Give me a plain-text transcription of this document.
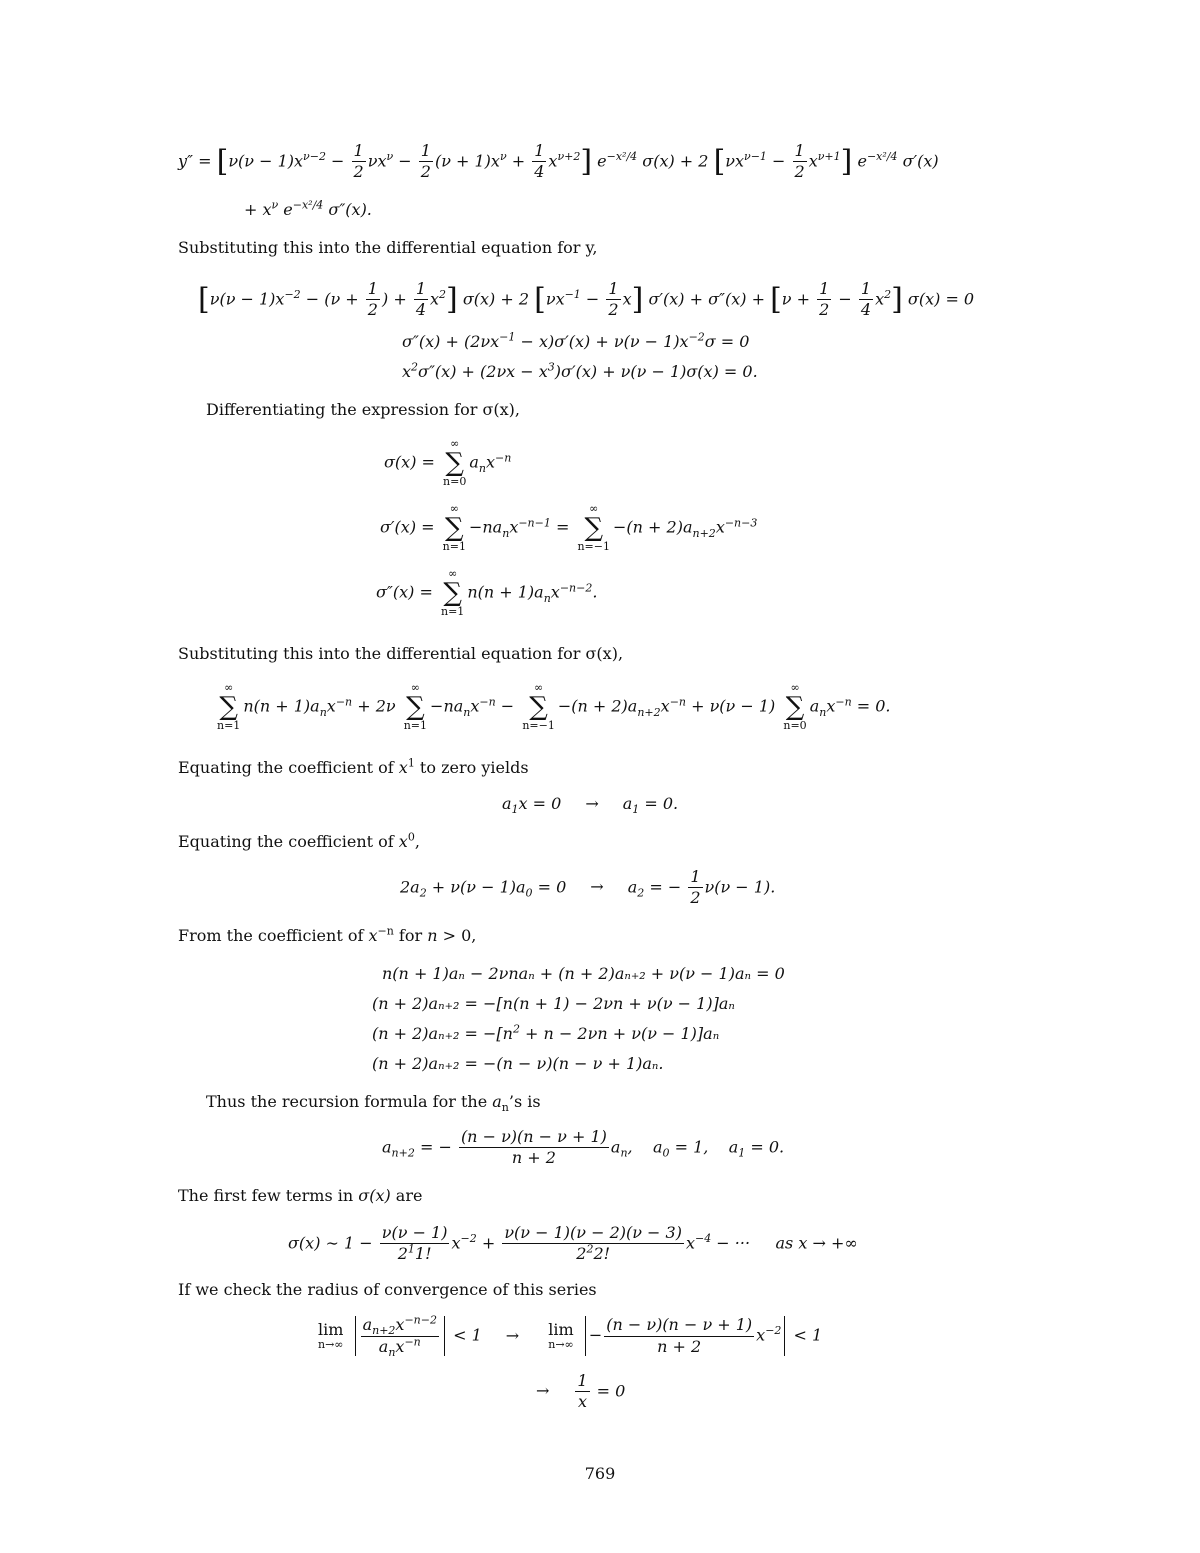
$y'' = [\nu(\nu - 1)x^{\nu-2} - \frac{1}{2} \nu x^\nu - \frac{1}{2} (\nu + 1)x^\nu + \frac{1}{4} x^{\nu+2}]$ $e^{-x^2/4}$ σ(x) + 2 $[\nu x^{\nu-1} - \frac{1}{2} x^{\nu+1}]$ $e^{-x^2/4}$ σ′(x)
+ $x^\nu$ $e^{-x^2/4}$ σ″(x).
Substituting this into the differential equation for y,
[$\nu(\nu - 1)x^{-2} - (\nu + \frac{1}{2}$ ) + $\frac{1}{4} x^2$] σ(x) + 2 $[\nu x^{-1} - \frac{1}{2} x] \sigma'(x) + \sigma''(x) + [\nu + \frac{1}{2} - \frac{1}{4} x^2] \sigma(x) = 0$
$\sigma''(x) + (2\nu x^{-1} - x)\sigma'(x) + \nu(\nu - 1)x^{-2}\sigma = 0$
$x^2\sigma''(x) + (2\nu x - x^3)\sigma'(x) + \nu(\nu - 1)\sigma(x) = 0$.
Differentiating the expression for σ(x),
σ(x) =
∞
∑
n=0
$a_nx^{-n}$
σ′(x) =
∞
∑
n=1
$-na_nx^{-n-1}$ =
∞
∑
n=−1
$-(n + 2)a_{n+2}x^{-n-3}$
σ″(x) =
∞
∑
n=1
$n(n + 1)a_nx^{-n-2}$.
Substituting this into the differential equation for σ(x),
∞
∑
n=1
$n(n + 1)a_nx^{-n} + 2\nu$
∞
∑
n=1
$-na_nx^{-n}$ −
∞
∑
n=−1
$-(n + 2)a_{n+2}x^{-n} + \nu(\nu - 1)$
∞
∑
n=0
$a_nx^{-n} = 0$.
Equating the coefficient of $x^1$ to zero yields
$a_1x = 0 \to a_1 = 0$.
Equating the coefficient of $x^0$,
$2a_2 + \nu(\nu - 1)a_0 = 0 \to a_2$ = − $\frac{1}{2} \nu(\nu - 1)$.
From the coefficient of $x^{-n}$ for n > 0,
n(n + 1)aₙ − 2νnaₙ + (n + 2)aₙ₊₂ + ν(ν − 1)aₙ = 0
(n + 2)aₙ₊₂ = −[n(n + 1) − 2νn + ν(ν − 1)]aₙ
$(n + 2)a_{n+2} = -[n^2 + n - 2\nu n + \nu(\nu - 1)]a_n$
(n + 2)aₙ₊₂ = −(n − ν)(n − ν + 1)aₙ.
Thus the recursion formula for the $a_n’s$ is
$a_{n+2}$ = − $\frac{(n - \nu)(n - \nu + 1)}{n + 2} a_n$, $a_0 = 1$, $a_1 = 0$.
The first few terms in σ(x) are
σ(x) ∼ $1 - \frac{\nu(\nu - 1)}{2^11!} x^{-2} + \frac{\nu(\nu - 1)(\nu - 2)(\nu - 3)}{2^22!} x^{-4}$ − ··· as x → +∞
If we check the radius of convergence of this series
lim
n→∞
$\frac{a_{n+2}x^{-n-2}}{a_nx^{-n}} < 1 \to \lim$
$n\to\infty - \frac{(n - \nu)(n - \nu + 1)}{n + 2} x^{-2} < 1$
→ $\frac{1}{x} = 0$
769
